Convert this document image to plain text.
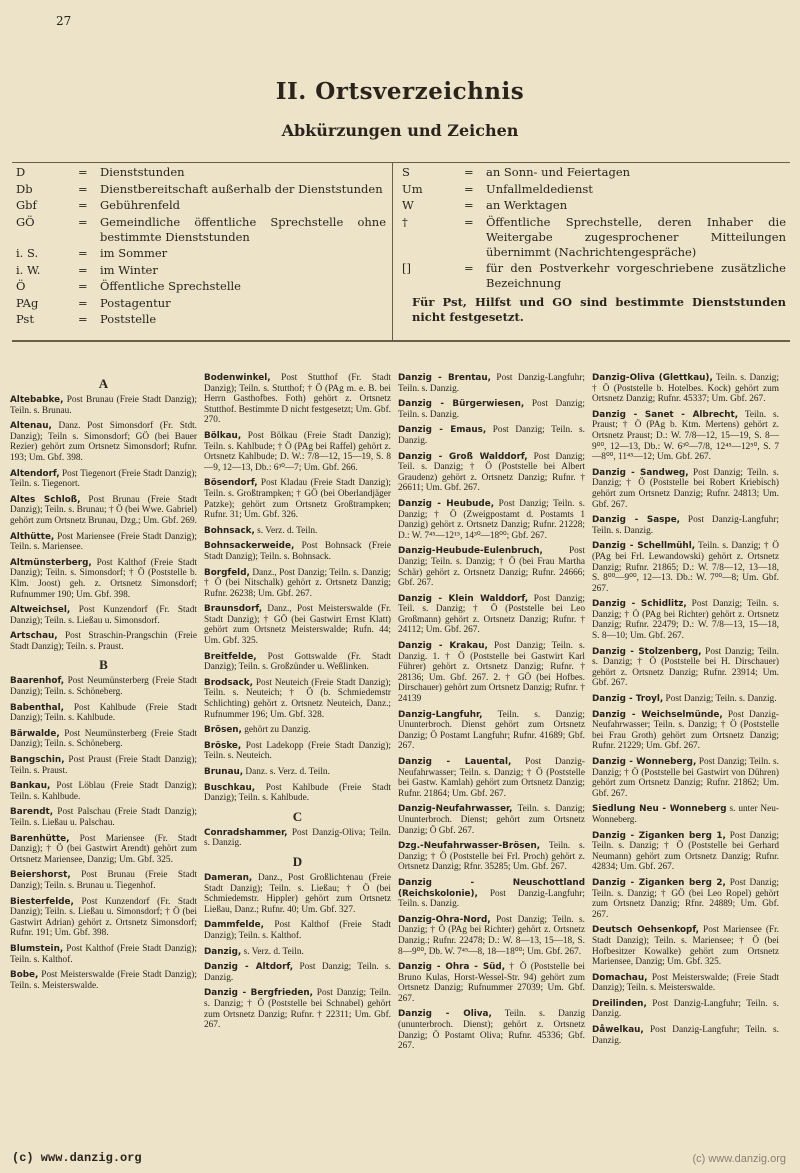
27
II. Ortsverzeichnis
Abkürzungen und Zeichen
D	=	Dienststunden
Db	=	Dienstbereitschaft außerhalb der Dienststunden
Gbf	=	Gebührenfeld
GÖ	=	Gemeindliche öffentliche Sprechstelle ohne bestimmte Dienststunden
i. S.	=	im Sommer
i. W.	=	im Winter
Ö	=	Öffentliche Sprechstelle
PAg	=	Postagentur
Pst	=	Poststelle
S	=	an Sonn- und Feiertagen
Um	=	Unfallmeldedienst
W	=	an Werktagen
†	=	Öffentliche Sprechstelle, deren Inhaber die Weitergabe zugesprochener Mitteilungen übernimmt (Nachrichtengespräche)
[]	=	für den Postverkehr vorgeschriebene zusätzliche Bezeichnung
Für Pst, Hilfst und GO sind bestimmte Dienststunden nicht festgesetzt.
A
Altebabke, Post Brunau (Freie Stadt Danzig); Teiln. s. Brunau.
Altenau, Danz. Post Simonsdorf (Fr. Stdt. Danzig); Teiln s. Simonsdorf; GÖ (bei Bauer Rezier) gehört zum Ortsnetz Simonsdorf; Rufnr. 193; Um. Gbf. 398.
Altendorf, Post Tiegenort (Freie Stadt Danzig); Teiln. s. Tiegenort.
Altes Schloß, Post Brunau (Freie Stadt Danzig); Teiln. s. Brunau; † Ö (bei Wwe. Gabriel) gehört zum Ortsnetz Brunau, Dzg.; Um. Gbf. 269.
Althütte, Post Mariensee (Freie Stadt Danzig); Teiln. s. Mariensee.
Altmünsterberg, Post Kalthof (Freie Stadt Danzig); Teiln. s. Simonsdorf; † Ö (Poststelle b. Klm. Joost) geh. z. Ortsnetz Simonsdorf; Rufnummer 190; Um. Gbf. 398.
Altweichsel, Post Kunzendorf (Fr. Stadt Danzig); Teiln. s. Ließau u. Simonsdorf.
Artschau, Post Straschin-Prangschin (Freie Stadt Danzig); Teiln. s. Praust.
B
Baarenhof, Post Neumünsterberg (Freie Stadt Danzig); Teiln. s. Schöneberg.
Babenthal, Post Kahlbude (Freie Stadt Danzig); Teiln. s. Kahlbude.
Bärwalde, Post Neumünsterberg (Freie Stadt Danzig); Teiln. s. Schöneberg.
Bangschin, Post Praust (Freie Stadt Danzig); Teiln. s. Praust.
Bankau, Post Löblau (Freie Stadt Danzig); Teiln. s. Kahlbude.
Barendt, Post Palschau (Freie Stadt Danzig); Teiln. s. Ließau u. Palschau.
Barenhütte, Post Mariensee (Fr. Stadt Danzig); † Ö (bei Gastwirt Arendt) gehört zum Ortsnetz Mariensee, Danzig; Um. Gbf. 325.
Beiershorst, Post Brunau (Freie Stadt Danzig); Teiln. s. Brunau u. Tiegenhof.
Biesterfelde, Post Kunzendorf (Fr. Stadt Danzig); Teiln. s. Ließau u. Simonsdorf; † Ö (bei Gastwirt Adrian) gehört z. Ortsnetz Simonsdorf; Rufnr. 191; Um. Gbf. 398.
Blumstein, Post Kalthof (Freie Stadt Danzig); Teiln. s. Kalthof.
Bobe, Post Meisterswalde (Freie Stadt Danzig); Teiln. s. Meisterswalde.
Bodenwinkel, Post Stutthof (Fr. Stadt Danzig); Teiln. s. Stutthof; † Ö (PAg m. e. B. bei Herrn Gasthofbes. Foth) gehört z. Ortsnetz Stutthof. Bestimmte D nicht festgesetzt; Um. Gbf. 270.
Bölkau, Post Bölkau (Freie Stadt Danzig); Teiln. s. Kahlbude; † Ö (PAg bei Raffel) gehört z. Ortsnetz Kahlbude; D. W.: 7/8—12, 15—19, S. 8—9, 12—13, Db.: 6³⁰—7; Um. Gbf. 266.
Bösendorf, Post Kladau (Freie Stadt Danzig); Teiln. s. Großtrampken; † GÖ (bei Oberlandjäger Patzke); gehört zum Ortsnetz Großtrampken; Rufnr. 31; Um. Gbf. 326.
Bohnsack, s. Verz. d. Teiln.
Bohnsackerweide, Post Bohnsack (Freie Stadt Danzig); Teiln. s. Bohnsack.
Borgfeld, Danz., Post Danzig; Teiln. s. Danzig; † Ö (bei Nitschalk) gehört z. Ortsnetz Danzig; Rufnr. 26238; Um. Gbf. 267.
Braunsdorf, Danz., Post Meisterswalde (Fr. Stadt Danzig); † GÖ (bei Gastwirt Ernst Klatt) gehört zum Ortsnetz Meisterswalde; Rufn. 44; Um. Gbf. 325.
Breitfelde, Post Gottswalde (Fr. Stadt Danzig); Teiln. s. Großzünder u. Weßlinken.
Brodsack, Post Neuteich (Freie Stadt Danzig); Teiln. s. Neuteich; † Ö (b. Schmiedemstr Schlichting) gehört z. Ortsnetz Neuteich, Danz.; Rufnummer 196; Um. Gbf. 328.
Brösen, gehört zu Danzig.
Bröske, Post Ladekopp (Freie Stadt Danzig); Teiln. s. Neuteich.
Brunau, Danz. s. Verz. d. Teiln.
Buschkau, Post Kahlbude (Freie Stadt Danzig); Teiln. s. Kahlbude.
C
Conradshammer, Post Danzig-Oliva; Teiln. s. Danzig.
D
Dameran, Danz., Post Großlichtenau (Freie Stadt Danzig); Teiln. s. Ließau; † Ö (bei Schmiedemstr. Hippler) gehört zum Ortsnetz Ließau, Danz.; Rufnr. 40; Um. Gbf. 327.
Dammfelde, Post Kalthof (Freie Stadt Danzig); Teiln. s. Kalthof.
Danzig, s. Verz. d. Teiln.
Danzig - Altdorf, Post Danzig; Teiln. s. Danzig.
Danzig - Bergfrieden, Post Danzig; Teiln. s. Danzig; † Ö (Poststelle bei Schnabel) gehört zum Ortsnetz Danzig; Rufnr. † 22311; Um. Gbf. 267.
Danzig - Brentau, Post Danzig-Langfuhr; Teiln. s. Danzig.
Danzig - Bürgerwiesen, Post Danzig; Teiln. s. Danzig.
Danzig - Emaus, Post Danzig; Teiln. s. Danzig.
Danzig - Groß Walddorf, Post Danzig; Teil. s. Danzig; † Ö (Poststelle bei Albert Graudenz) gehört z. Ortsnetz Danzig; Rufnr. † 26611; Um. Gbf. 267.
Danzig - Heubude, Post Danzig; Teiln. s. Danzig; † Ö (Zweigpostamt d. Postamts 1 Danzig) gehört z. Ortsnetz Danzig; Rufnr. 21228; D.: W. 7⁴⁵—12¹⁵, 14³⁰—18⁰⁰; Gbf. 267.
Danzig-Heubude-Eulenbruch, Post Danzig; Teiln. s. Danzig; † Ö (bei Frau Martha Schär) gehört z. Ortsnetz Danzig; Rufnr. 24666; Gbf. 267.
Danzig - Klein Walddorf, Post Danzig; Teil. s. Danzig; † Ö (Poststelle bei Leo Großmann) gehört z. Ortsnetz Danzig; Rufnr. † 24112; Um. Gbf. 267.
Danzig - Krakau, Post Danzig; Teiln. s. Danzig. 1. † Ö (Poststelle bei Gastwirt Karl Führer) gehört z. Ortsnetz Danzig; Rufnr. † 28136; Um. Gbf. 267. 2. † GÖ (bei Hofbes. Dirschauer) gehört zum Ortsnetz Danzig; Rufnr. † 24139
Danzig-Langfuhr, Teiln. s. Danzig; Ununterbroch. Dienst gehört zum Ortsnetz Danzig; Ö Postamt Langfuhr; Rufnr. 41689; Gbf. 267.
Danzig - Lauental, Post Danzig-Neufahrwasser; Teiln. s. Danzig; † Ö (Poststelle bei Gastw. Kamlah) gehört zum Ortsnetz Danzig; Rufnr. 21864; Um. Gbf. 267.
Danzig-Neufahrwasser, Teiln. s. Danzig; Ununterbroch. Dienst; gehört zum Ortsnetz Danzig; Ö Gbf. 267.
Dzg.-Neufahrwasser-Brösen, Teiln. s. Danzig; † Ö (Poststelle bei Frl. Proch) gehört z. Ortsnetz Danzig; Rfnr. 35285; Um. Gbf. 267.
Danzig - Neuschottland (Reichskolonie), Post Danzig-Langfuhr; Teiln. s. Danzig.
Danzig-Ohra-Nord, Post Danzig; Teiln. s. Danzig; † Ö (PAg bei Richter) gehört z. Ortsnetz Danzig.; Rufnr. 22478; D.: W. 8—13, 15—18, S. 8—9⁰⁰, Db. W. 7⁴⁵—8, 18—18⁰⁰; Um. Gbf. 267.
Danzig - Ohra - Süd, † Ö (Poststelle bei Bruno Kulas, Horst-Wessel-Str. 94) gehört zum Ortsnetz Danzig; Rufnummer 27039; Um. Gbf. 267.
Danzig - Oliva, Teiln. s. Danzig (ununterbroch. Dienst); gehört z. Ortsnetz Danzig; Ö Postamt Oliva; Rufnr. 45336; Gbf. 267.
Danzig-Oliva (Glettkau), Teiln. s. Danzig; † Ö (Poststelle b. Hotelbes. Kock) gehört zum Ortsnetz Danzig; Rufnr. 45337; Um. Gbf. 267.
Danzig - Sanet - Albrecht, Teiln. s. Praust; † Ö (PAg b. Ktm. Mertens) gehört z. Ortsnetz Praust; D.: W. 7/8—12, 15—19, S. 8—9⁰⁰, 12—13, Db.: W. 6³⁰—7/8, 12⁴⁵—12⁵⁰, S. 7—8⁰⁰, 11⁴⁵—12; Um. Gbf. 267.
Danzig - Sandweg, Post Danzig; Teiln. s. Danzig; † Ö (Poststelle bei Robert Kriebisch) gehört zum Ortsnetz Danzig; Rufnr. 24813; Um. Gbf. 267.
Danzig - Saspe, Post Danzig-Langfuhr; Teiln. s. Danzig.
Danzig - Schellmühl, Teiln. s. Danzig; † Ö (PAg bei Frl. Lewandowski) gehört z. Ortsnetz Danzig; Rufnr. 21865; D.: W. 7/8—12, 13—18, S. 8⁰⁰—9⁰⁰, 12—13. Db.: W. 7⁰⁰—8; Um. Gbf. 267.
Danzig - Schidlitz, Post Danzig; Teiln. s. Danzig; † Ö (PAg bei Richter) gehört z. Ortsnetz Danzig; Rufnr. 22479; D.: W. 7/8—13, 15—18, S. 8—10; Um. Gbf. 267.
Danzig - Stolzenberg, Post Danzig; Teiln. s. Danzig; † Ö (Poststelle bei H. Dirschauer) gehört z. Ortsnetz Danzig; Rufnr. 23914; Um. Gbf. 267.
Danzig - Troyl, Post Danzig; Teiln. s. Danzig.
Danzig - Weichselmünde, Post Danzig-Neufahrwasser; Teiln. s. Danzig; † Ö (Poststelle bei Frau Groth) gehört zum Ortsnetz Danzig; Rufnr. 21229; Um. Gbf. 267.
Danzig - Wonneberg, Post Danzig; Teiln. s. Danzig; † Ö (Poststelle bei Gastwirt von Dühren) gehört zum Ortsnetz Danzig; Rufnr. 21862; Um. Gbf. 267.
Siedlung Neu - Wonneberg s. unter Neu-Wonneberg.
Danzig - Ziganken berg 1, Post Danzig; Teiln. s. Danzig; † Ö (Poststelle bei Gerhard Neumann) gehört zum Ortsnetz Danzig; Rufnr. 42834; Um. Gbf. 267.
Danzig - Ziganken berg 2, Post Danzig; Teiln. s. Danzig; † GÖ (bei Leo Ropel) gehört zum Ortsnetz Danzig; Rfnr. 24889; Um. Gbf. 267.
Deutsch Oehsenkopf, Post Mariensee (Fr. Stadt Danzig); Teiln. s. Mariensee; † Ö (bei Hofbesitzer Kowalke) gehört zum Ortsnetz Mariensee, Danzig; Um. Gbf. 325.
Domachau, Post Meisterswalde; (Freie Stadt Danzig); Teiln. s. Meisterswalde.
Dreilinden, Post Danzig-Langfuhr; Teiln. s. Danzig.
Dåwelkau, Post Danzig-Langfuhr; Teiln. s. Danzig.
(c) www.danzig.org	(c) www.danzig.org
